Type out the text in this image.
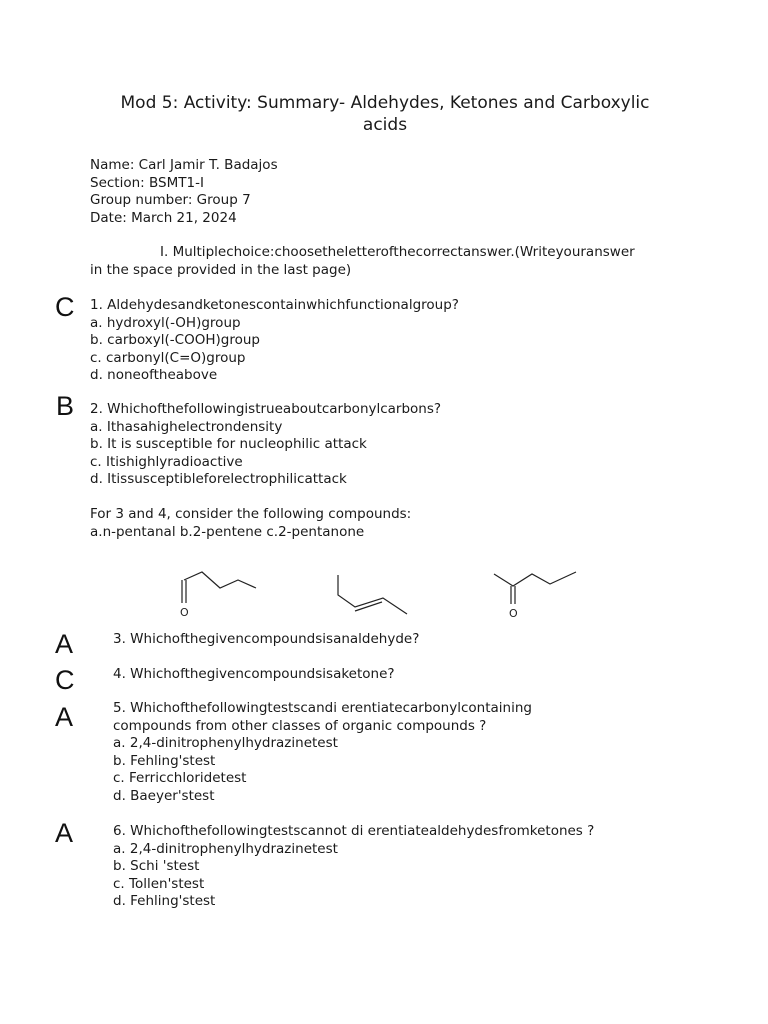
Mod 5: Activity: Summary- Aldehydes, Ketones and Carboxylic
acids
Name: Carl Jamir T. Badajos
Section: BSMT1-I
Group number: Group 7
Date: March 21, 2024
I. Multiplechoice:choosetheletterofthecorrectanswer.(Writeyouranswer
in the space provided in the last page)
C 1. Aldehydesandketonescontainwhichfunctionalgroup?
a. hydroxyl(-OH)group
b. carboxyl(-COOH)group
c. carbonyl(C=O)group
d. noneoftheabove
B 2. Whichofthefollowingistrueaboutcarbonylcarbons?
a. Ithasahighelectrondensity
b. It is susceptible for nucleophilic attack
c. Itishighlyradioactive
d. Itissusceptibleforelectrophilicattack
For 3 and 4, consider the following compounds:
a.n-pentanal b.2-pentene c.2-pentanone
O	O
A	3. Whichofthegivencompoundsisanaldehyde?
C	4. Whichofthegivencompoundsisaketone?
A	5. Whichofthefollowingtestscandi erentiatecarbonylcontaining
compounds from other classes of organic compounds ?
a. 2,4-dinitrophenylhydrazinetest
b. Fehling'stest
c. Ferricchloridetest
d. Baeyer'stest
A	6. Whichofthefollowingtestscannot di erentiatealdehydesfromketones ?
a. 2,4-dinitrophenylhydrazinetest
b. Schi 'stest
c. Tollen'stest
d. Fehling'stest
